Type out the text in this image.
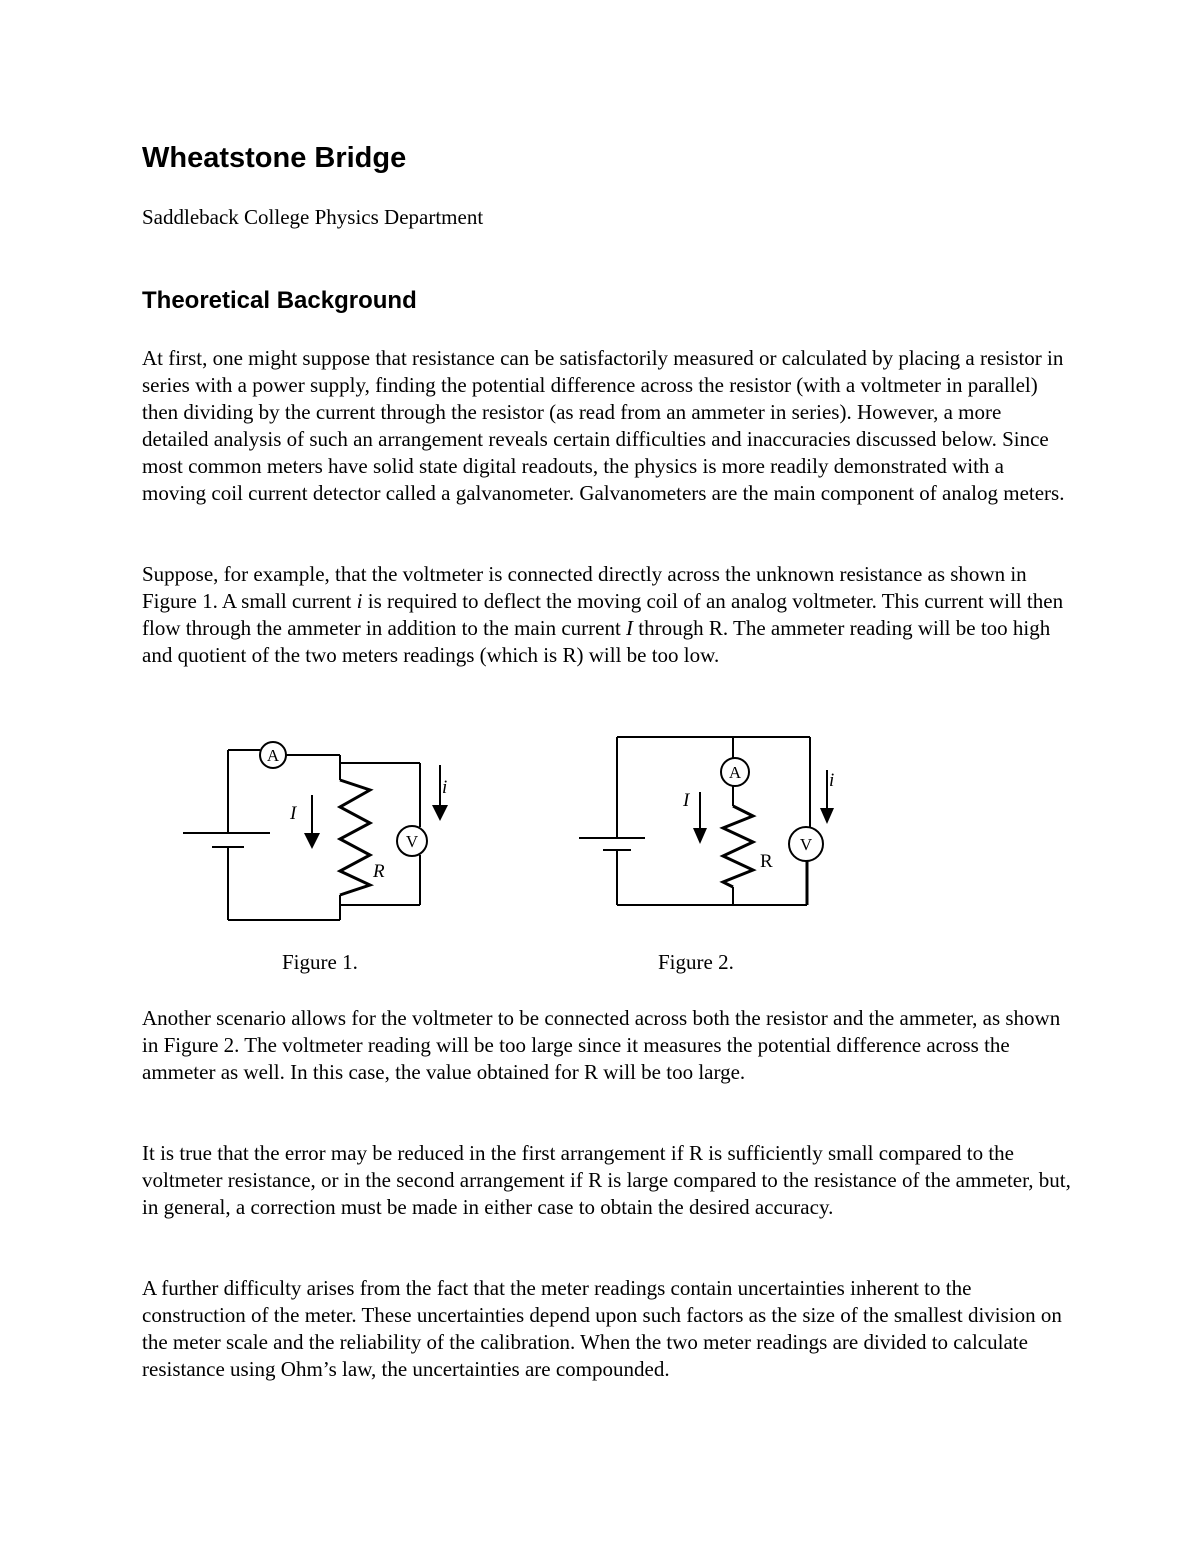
Wheatstone Bridge

Saddleback College Physics Department

Theoretical Background

At first, one might suppose that resistance can be satisfactorily measured or calculated by placing a resistor in series with a power supply, finding the potential difference across the resistor (with a voltmeter in parallel) then dividing by the current through the resistor (as read from an ammeter in series). However, a more detailed analysis of such an arrangement reveals certain difficulties and inaccuracies discussed below. Since most common meters have solid state digital readouts, the physics is more readily demonstrated with a moving coil current detector called a galvanometer. Galvanometers are the main component of analog meters.

Suppose, for example, that the voltmeter is connected directly across the unknown resistance as shown in Figure 1. A small current i is required to deflect the moving coil of an analog voltmeter. This current will then flow through the ammeter in addition to the main current I through R. The ammeter reading will be too high and quotient of the two meters readings (which is R) will be too low.

A
V
R
I
i
A
V
R
I
i

Figure 1.	Figure 2.

Another scenario allows for the voltmeter to be connected across both the resistor and the ammeter, as shown in Figure 2. The voltmeter reading will be too large since it measures the potential difference across the ammeter as well. In this case, the value obtained for R will be too large.

It is true that the error may be reduced in the first arrangement if R is sufficiently small compared to the voltmeter resistance, or in the second arrangement if R is large compared to the resistance of the ammeter, but, in general, a correction must be made in either case to obtain the desired accuracy.

A further difficulty arises from the fact that the meter readings contain uncertainties inherent to the construction of the meter. These uncertainties depend upon such factors as the size of the smallest division on the meter scale and the reliability of the calibration. When the two meter readings are divided to calculate resistance using Ohm’s law, the uncertainties are compounded.
